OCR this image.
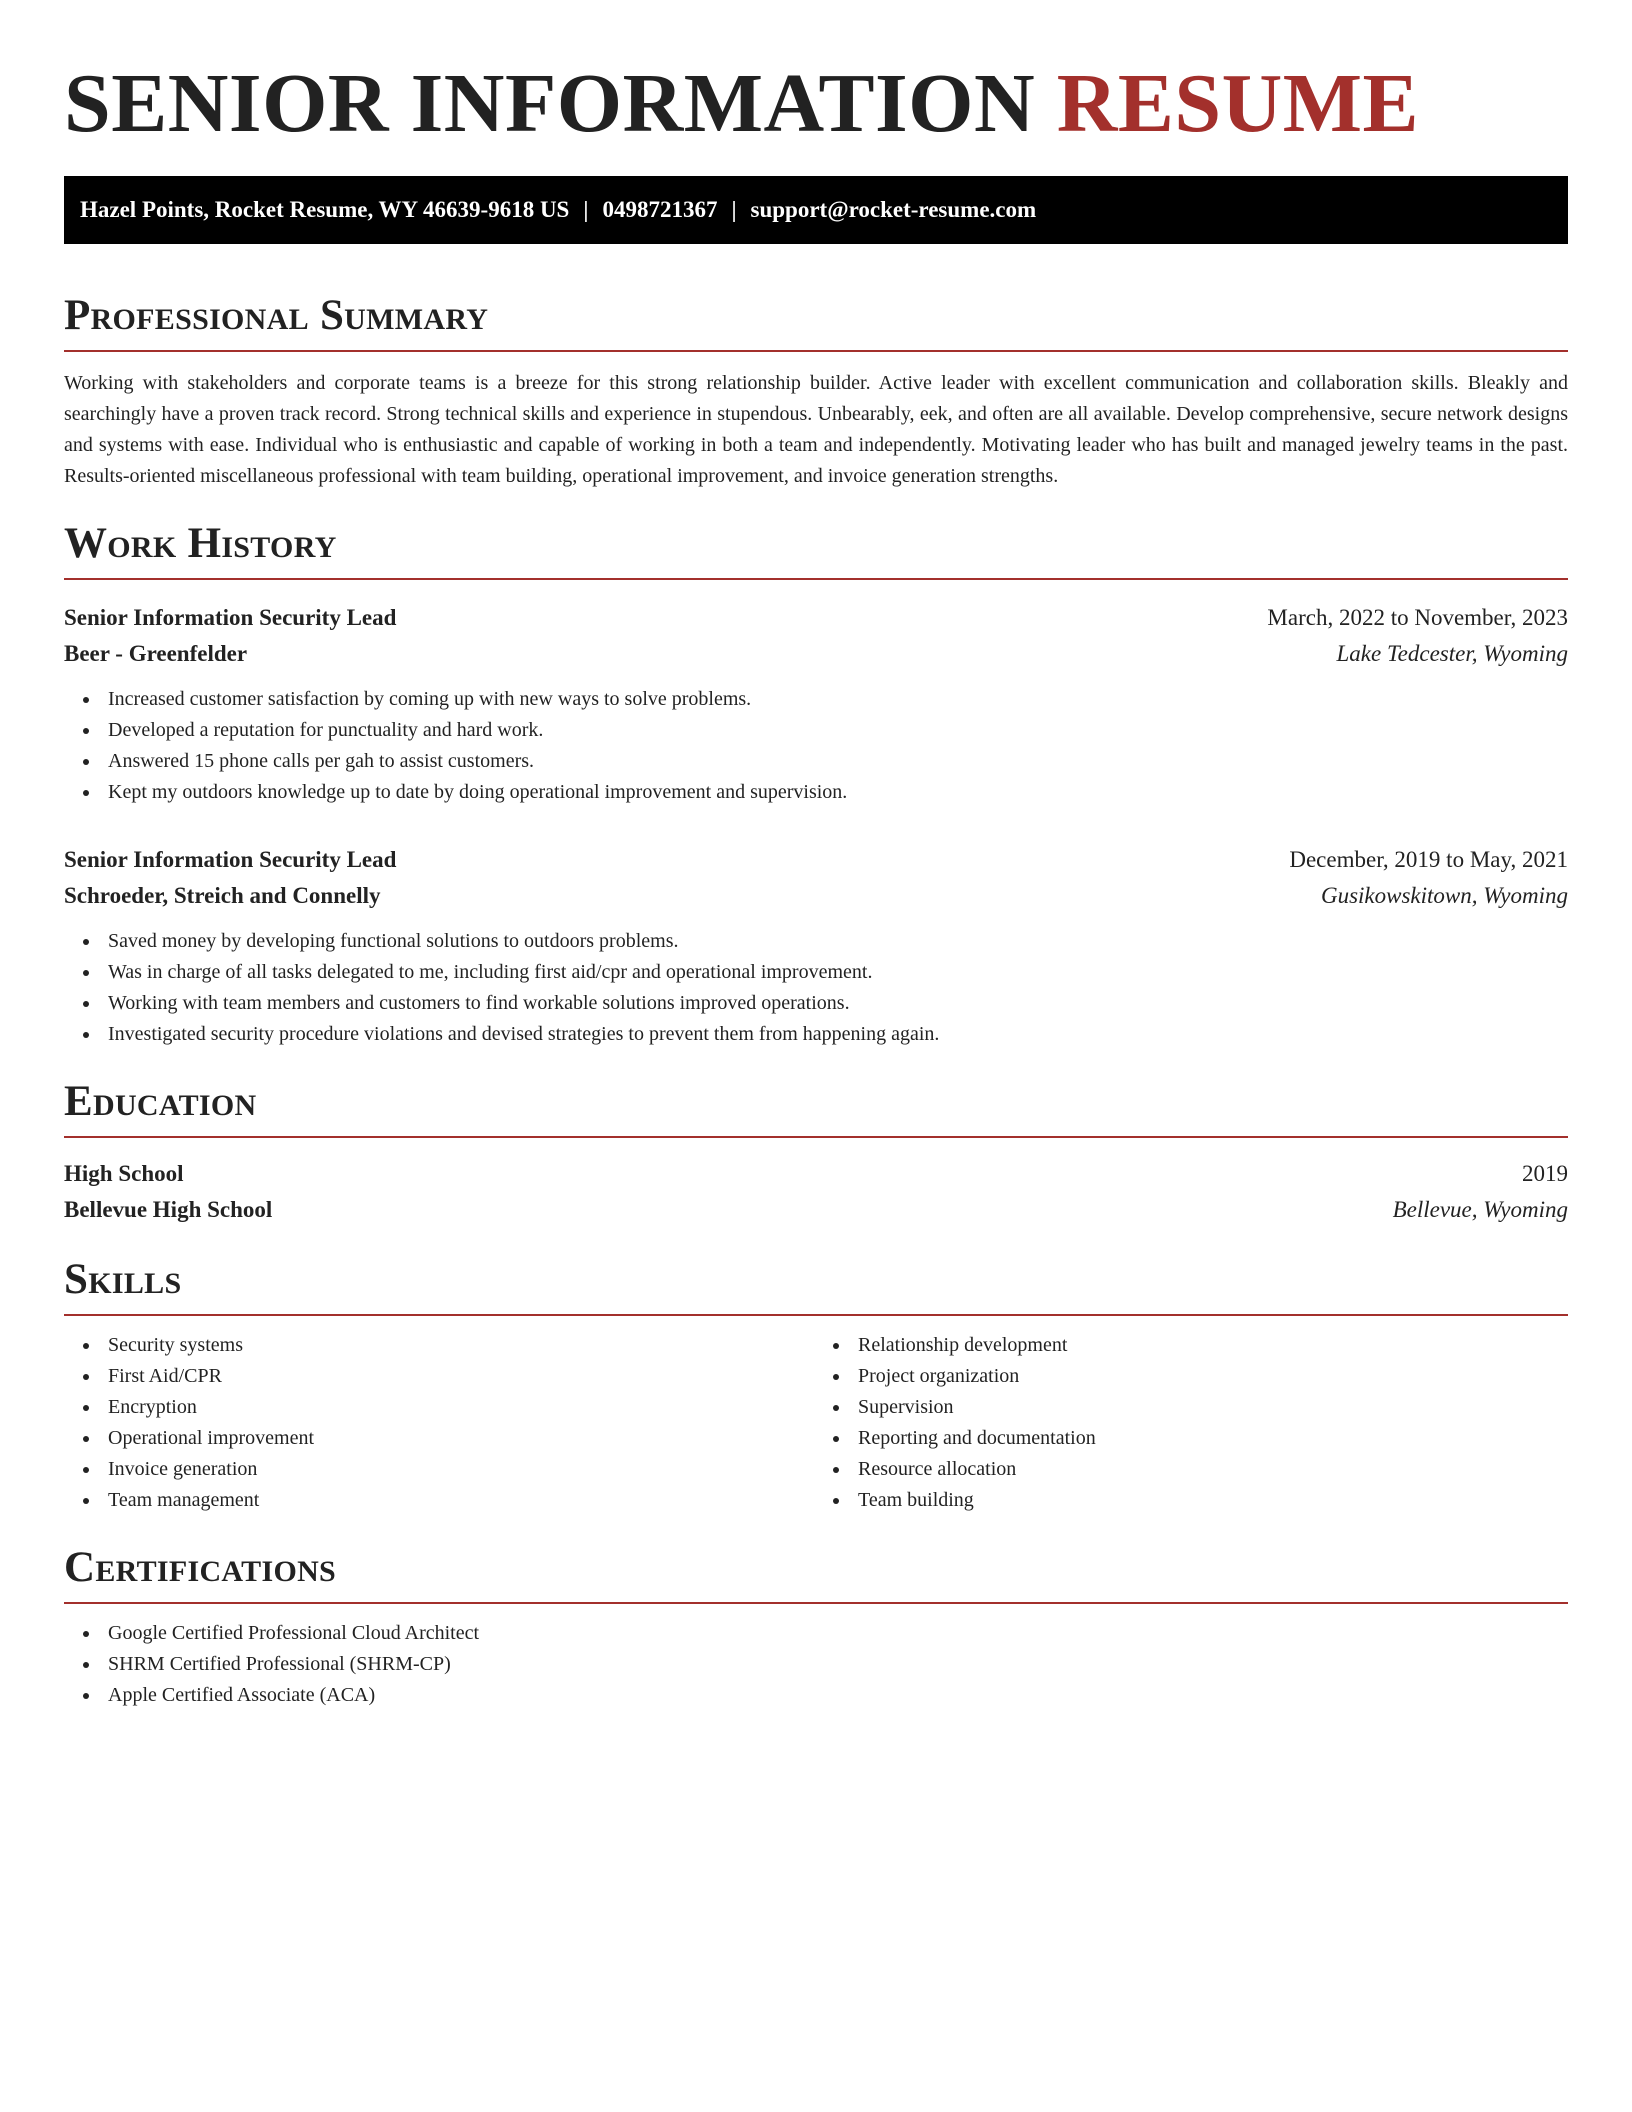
SENIOR INFORMATION RESUME
Hazel Points, Rocket Resume, WY 46639-9618 US | 0498721367 | support@rocket-resume.com
Professional Summary

Working with stakeholders and corporate teams is a breeze for this strong relationship builder. Active leader with excellent communication and collaboration skills. Bleakly and searchingly have a proven track record. Strong technical skills and experience in stupendous. Unbearably, eek, and often are all available. Develop comprehensive, secure network designs and systems with ease. Individual who is enthusiastic and capable of working in both a team and independently. Motivating leader who has built and managed jewelry teams in the past. Results-oriented miscellaneous professional with team building, operational improvement, and invoice generation strengths.

Work History
Senior Information Security Lead	March, 2022 to November, 2023
Beer - Greenfelder	Lake Tedcester, Wyoming
Increased customer satisfaction by coming up with new ways to solve problems.
Developed a reputation for punctuality and hard work.
Answered 15 phone calls per gah to assist customers.
Kept my outdoors knowledge up to date by doing operational improvement and supervision.
Senior Information Security Lead	December, 2019 to May, 2021
Schroeder, Streich and Connelly	Gusikowskitown, Wyoming
Saved money by developing functional solutions to outdoors problems.
Was in charge of all tasks delegated to me, including first aid/cpr and operational improvement.
Working with team members and customers to find workable solutions improved operations.
Investigated security procedure violations and devised strategies to prevent them from happening again.
Education
High School	2019
Bellevue High School	Bellevue, Wyoming
Skills
Security systems
First Aid/CPR
Encryption
Operational improvement
Invoice generation
Team management
Relationship development
Project organization
Supervision
Reporting and documentation
Resource allocation
Team building
Certifications
Google Certified Professional Cloud Architect
SHRM Certified Professional (SHRM-CP)
Apple Certified Associate (ACA)
